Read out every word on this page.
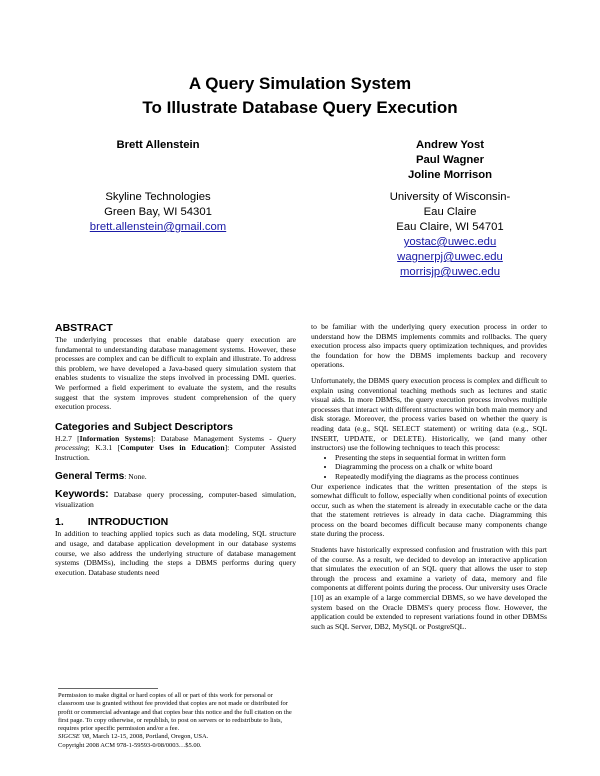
A Query Simulation System
To Illustrate Database Query Execution
Brett Allenstein
Skyline Technologies
Green Bay, WI 54301
brett.allenstein@gmail.com
Andrew Yost
Paul Wagner
Joline Morrison
University of Wisconsin-
Eau Claire
Eau Claire, WI 54701
yostac@uwec.edu
wagnerpj@uwec.edu
morrisjp@uwec.edu
ABSTRACT

The underlying processes that enable database query execution are fundamental to understanding database management systems. However, these processes are complex and can be difficult to explain and illustrate. To address this problem, we have developed a Java-based query simulation system that enables students to visualize the steps involved in processing DML queries. We performed a field experiment to evaluate the system, and the results suggest that the system improves student comprehension of the query execution process.

Categories and Subject Descriptors

H.2.7 [Information Systems]: Database Management Systems - Query processing; K.3.1 [Computer Uses in Education]: Computer Assisted Instruction.

General Terms: None.

Keywords: Database query processing, computer-based simulation, visualization

1. INTRODUCTION

In addition to teaching applied topics such as data modeling, SQL structure and usage, and database application development in our database systems course, we also address the underlying structure of database management systems (DBMSs), including the steps a DBMS performs during query execution. Database students need

Permission to make digital or hard copies of all or part of this work for personal or classroom use is granted without fee provided that copies are not made or distributed for profit or commercial advantage and that copies bear this notice and the full citation on the first page. To copy otherwise, or republish, to post on servers or to redistribute to lists, requires prior specific permission and/or a fee.

SIGCSE '08, March 12-15, 2008, Portland, Oregon, USA.

Copyright 2008 ACM 978-1-59593-0/08/0003…$5.00.

to be familiar with the underlying query execution process in order to understand how the DBMS implements commits and rollbacks. The query execution process also impacts query optimization techniques, and provides the foundation for how the DBMS implements backup and recovery operations.

Unfortunately, the DBMS query execution process is complex and difficult to explain using conventional teaching methods such as lectures and static visual aids. In more DBMSs, the query execution process involves multiple processes that interact with different structures within both main memory and disk storage. Moreover, the process varies based on whether the query is reading data (e.g., SQL SELECT statement) or writing data (e.g., SQL INSERT, UPDATE, or DELETE). Historically, we (and many other instructors) use the following techniques to teach this process:

• Presenting the steps in sequential format in written form
• Diagramming the process on a chalk or white board
• Repeatedly modifying the diagrams as the process continues

Our experience indicates that the written presentation of the steps is somewhat difficult to follow, especially when conditional points of execution occur, such as when the statement is already in executable cache or the data that the statement retrieves is already in data cache. Diagramming this process on the board becomes difficult because many components change state during the process.

Students have historically expressed confusion and frustration with this part of the course. As a result, we decided to develop an interactive application that simulates the execution of an SQL query that allows the user to step through the process and examine a variety of data, memory and file components at different points during the process. Our university uses Oracle [10] as an example of a large commercial DBMS, so we have developed the system based on the Oracle DBMS's query process flow. However, the application could be extended to represent variations found in other DBMSs such as SQL Server, DB2, MySQL or PostgreSQL.
